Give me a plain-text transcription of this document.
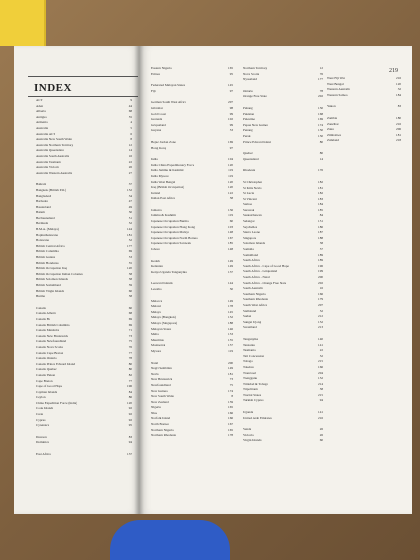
INDEX
ACT	9
Aden	44
Alberta	68
Antigua	55
Armenia	4
Australia	5
Australia ACT	6
Australia New South Wales	8
Australia Northern Territory	12
Australia Queensland	14
Australia South Australia	16
Australia Tasmania	22
Australia Victoria	26
Australia Western Australia	27
Bahrain	37
Bangkok (British P.O.)	152
Bangladesh	34
Barbados	47
Basutoland	49
Batum	50
Bechuanaland	51
Bermuda	52
B.M.A. (Malaya)	144
Bophuthatswana	181
Botswana	52
British Central Africa	177
British Columbia	69
British Guiana	53
British Honduras	55
British Occupation Iraq	120
British Occupation Italian Colonies	58
British Solomon Islands	58
British Somaliland	59
British Virgin Islands	60
Burma	58
Canada	60
Canada Alberta	68
Canada Bc	69
Canada British Columbia	69
Canada Manitoba	71
Canada New Brunswick	73
Canada Newfoundland	75
Canada Nova Scotia	76
Canada Cape Breton	77
Canada Ontario	78
Canada Prince Edward Island	80
Canada Quebec	80
Canada Yukon	82
Cape Breton	77
Cape of Good Hope	196
Cayman Islands	84
Ceylon	86
China Expedition Force (India)	120
Cook Islands	92
Crete	92
Cyprus	92
Cyrenaica	95
Dawson	83
Dominica	94
East Africa	137
219
Eastern Nigeria	165
Eritrea	95
Federated Malayan States	145
Fiji	97
German South West Africa	207
Gibraltar	98
Gold Coast	99
Grenada	102
Griqualand	99
Guyana	53
Hejaz Jordan Zone	169
Hong Kong	97
India	104
India China Expeditionary Force	120
India Jammu & Kashmir	119
India Mysore	119
India West Bengal	120
Iraq (British Occupation)	120
Ireland	122
Italian East Africa	58
Jamaica	136
Jammu & Kashmir	119
Japanese Occupation Burma	60
Japanese Occupation Hong Kong	103
Japanese Occupation Malaya	148
Japanese Occupation North Borneo	167
Japanese Occupation Sarawak	185
Johore	148
Kedah	149
Kelantan	149
Kenya Uganda Tanganyika	137
Leeward Islands	144
Lesotho	50
Malacca	149
Malawi	178
Malaya	145
Malaya (Bangkok)	152
Malaya (Singapore)	188
Malayan States	146
Malta	153
Mauritius	155
Montserrat	157
Mysore	119
Natal	200
Negri Sembilan	149
Nevis	181
New Brunswick	73
Newfoundland	75
New Guinea	174
New South Wales	8
New Zealand	159
Nigeria	165
Niue	166
Norfolk Island	166
North Borneo	167
Northern Nigeria	165
Northern Rhodesia	178
Northern Territory	12
Nova Scotia	76
Nyasaland	177
Ontario	78
Orange Free State	202
Pahang	150
Pakistan	168
Palestine	169
Papua New Guinea	174
Penang	150
Perak	150
Prince Edward Island	80
Quebec	80
Queensland	14
Rhodesia	176
St Christopher	182
St Kitts Nevis	181
St Lucia	182
St Vincent	183
Samoa	184
Sarawak	185
Saskatchewan	84
Selangor	151
Seychelles	186
Sierra Leone	187
Singapore	188
Solomon Islands	58
Somalia	57
Somaliland	189
South Africa	189
South Africa - Cape of Good Hope	196
South Africa - Griqualand	199
South Africa - Natal	200
South Africa - Orange Free State	202
South Australia	16
Southern Nigeria	166
Southern Rhodesia	179
South West Africa	207
Stellaland	52
Sudan	212
Sungei Ujong	152
Swaziland	213
Tanganyika	140
Tanzania	141
Tasmania	22
Tati Concession	52
Tobago	215
Tokelau	166
Transvaal	204
Trengganu	152
Trinidad & Tobago	214
Tripolitania	58
Trucial States	215
Turkish Cyprus	94
Uganda	141
United Arab Emirates	216
Venda	26
Victoria	26
Virgin Islands	60
West Fiji War	216
West Bengal	120
Western Australia	32
Western Samoa	184
Yukon	83
Zambia	180
Zanzibar	216
Zaire	206
Zimbabwe	181
Zululand	218
